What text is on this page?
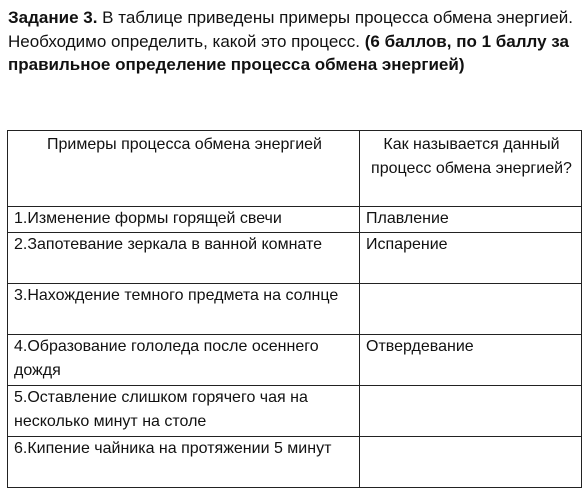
Задание 3. В таблице приведены примеры процесса обмена энергией. Необходимо определить, какой это процесс. (6 баллов, по 1 баллу за правильное определение процесса обмена энергией)

Примеры процесса обмена энергией	Как называется данный процесс обмена энергией?
1.Изменение формы горящей свечи	Плавление
2.Запотевание зеркала в ванной комнате	Испарение
3.Нахождение темного предмета на солнце	
4.Образование гололеда после осеннего дождя	Отвердевание
5.Оставление слишком горячего чая на несколько минут на столе	
6.Кипение чайника на протяжении 5 минут	
